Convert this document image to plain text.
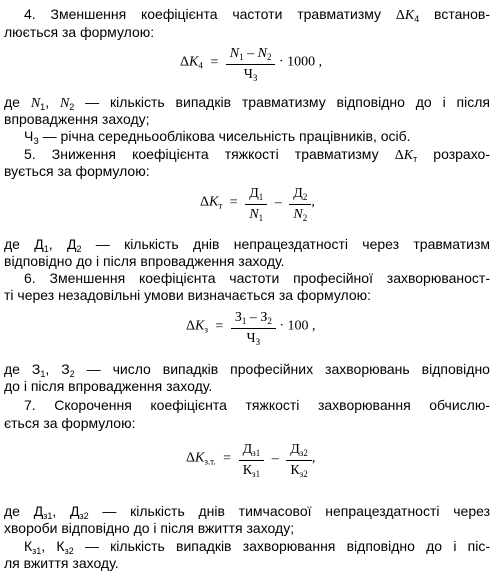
4. Зменшення коефіцієнта частоти травматизму $\Delta K_4$ встанов-
люється за формулою:
$\Delta K_4 = \frac{N_1 - N_2}{Ч_З} \cdot 1000$ ,
де $N_1$, $N_2$ — кількість випадків травматизму відповідно до і після
впровадження заходу;
$Ч_З$ — річна середньооблікова чисельність працівників, осіб.
5. Зниження коефіцієнта тяжкості травматизму $\Delta K_т$ розрахо-
вується за формулою:
$\Delta K_т = \frac{Д_1}{N_1} - \frac{Д_2}{N_2}$ ,
де $Д_1$, $Д_2$ — кількість днів непрацездатності через травматизм
відповідно до і після впровадження заходу.
6. Зменшення коефіцієнта частоти професійної захворюваност-
ті через незадовільні умови визначається за формулою:
$\Delta K_з = \frac{З_1 - З_2}{Ч_З} \cdot 100$ ,
де $З_1$, $З_2$ — число випадків професійних захворювань відповідно
до і після впровадження заходу.
7. Скорочення коефіцієнта тяжкості захворювання обчислю-
ється за формулою:
$\Delta K_{з.т.} = \frac{Д_{з1}}{К_{з1}} - \frac{Д_{з2}}{К_{з2}}$ ,
де $Д_{з1}$, $Д_{з2}$ — кількість днів тимчасової непрацездатності через
хвороби відповідно до і після вжиття заходу;
$К_{з1}$, $К_{з2}$ — кількість випадків захворювання відповідно до і піс-
ля вжиття заходу.
